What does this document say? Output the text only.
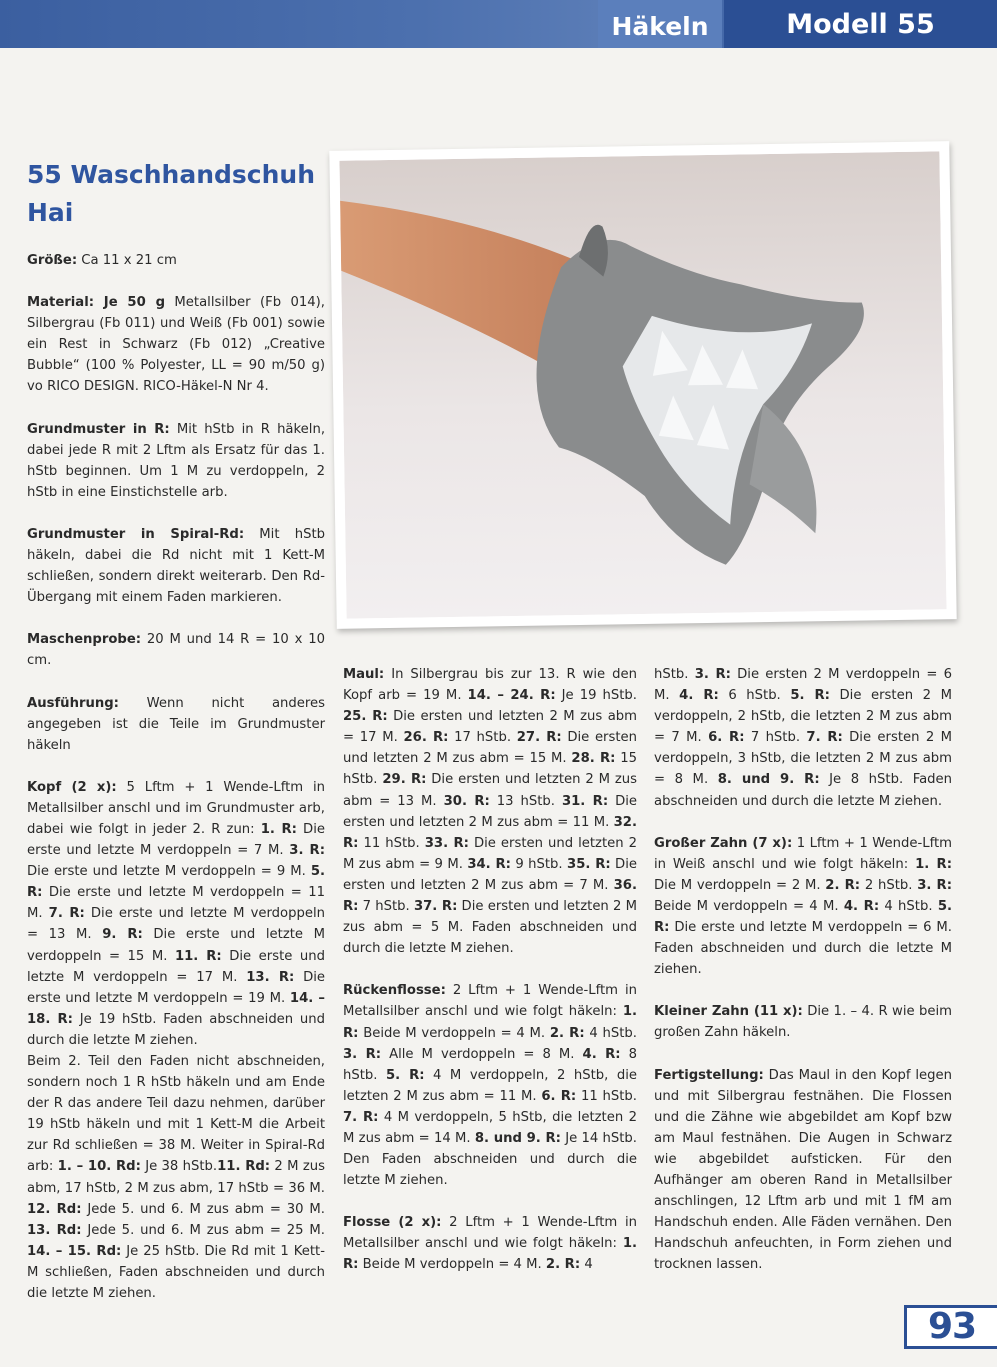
Häkeln	Modell 55
55 Waschhandschuh
Hai

Größe: Ca 11 x 21 cm

Material: Je 50 g Metallsilber (Fb 014), Silbergrau (Fb 011) und Weiß (Fb 001) sowie ein Rest in Schwarz (Fb 012) „Creative Bubble“ (100 % Polyester, LL = 90 m/50 g) vo RICO DESIGN. RICO-Häkel-N Nr 4.

Grundmuster in R: Mit hStb in R häkeln, dabei jede R mit 2 Lftm als Ersatz für das 1. hStb beginnen. Um 1 M zu verdoppeln, 2 hStb in eine Einstichstelle arb.

Grundmuster in Spiral-Rd: Mit hStb häkeln, dabei die Rd nicht mit 1 Kett-M schließen, sondern direkt weiterarb. Den Rd-Übergang mit einem Faden markieren.

Maschenprobe: 20 M und 14 R = 10 x 10 cm.

Ausführung: Wenn nicht anderes angegeben ist die Teile im Grundmuster häkeln

Kopf (2 x): 5 Lftm + 1 Wende-Lftm in Metallsilber anschl und im Grundmuster arb, dabei wie folgt in jeder 2. R zun: 1. R: Die erste und letzte M verdoppeln = 7 M. 3. R: Die erste und letzte M verdoppeln = 9 M. 5. R: Die erste und letzte M verdoppeln = 11 M. 7. R: Die erste und letzte M verdoppeln = 13 M. 9. R: Die erste und letzte M verdoppeln = 15 M. 11. R: Die erste und letzte M verdoppeln = 17 M. 13. R: Die erste und letzte M verdoppeln = 19 M. 14. – 18. R: Je 19 hStb. Faden abschneiden und durch die letzte M ziehen.

Beim 2. Teil den Faden nicht abschneiden, sondern noch 1 R hStb häkeln und am Ende der R das andere Teil dazu nehmen, darüber 19 hStb häkeln und mit 1 Kett-M die Arbeit zur Rd schließen = 38 M. Weiter in Spiral-Rd arb: 1. – 10. Rd: Je 38 hStb.11. Rd: 2 M zus abm, 17 hStb, 2 M zus abm, 17 hStb = 36 M. 12. Rd: Jede 5. und 6. M zus abm = 30 M. 13. Rd: Jede 5. und 6. M zus abm = 25 M. 14. – 15. Rd: Je 25 hStb. Die Rd mit 1 Kett-M schließen, Faden abschneiden und durch die letzte M ziehen.

Maul: In Silbergrau bis zur 13. R wie den Kopf arb = 19 M. 14. – 24. R: Je 19 hStb. 25. R: Die ersten und letzten 2 M zus abm = 17 M. 26. R: 17 hStb. 27. R: Die ersten und letzten 2 M zus abm = 15 M. 28. R: 15 hStb. 29. R: Die ersten und letzten 2 M zus abm = 13 M. 30. R: 13 hStb. 31. R: Die ersten und letzten 2 M zus abm = 11 M. 32. R: 11 hStb. 33. R: Die ersten und letzten 2 M zus abm = 9 M. 34. R: 9 hStb. 35. R: Die ersten und letzten 2 M zus abm = 7 M. 36. R: 7 hStb. 37. R: Die ersten und letzten 2 M zus abm = 5 M. Faden abschneiden und durch die letzte M ziehen.

Rückenflosse: 2 Lftm + 1 Wende-Lftm in Metallsilber anschl und wie folgt häkeln: 1. R: Beide M verdoppeln = 4 M. 2. R: 4 hStb. 3. R: Alle M verdoppeln = 8 M. 4. R: 8 hStb. 5. R: 4 M verdoppeln, 2 hStb, die letzten 2 M zus abm = 11 M. 6. R: 11 hStb. 7. R: 4 M verdoppeln, 5 hStb, die letzten 2 M zus abm = 14 M. 8. und 9. R: Je 14 hStb. Den Faden abschneiden und durch die letzte M ziehen.

Flosse (2 x): 2 Lftm + 1 Wende-Lftm in Metallsilber anschl und wie folgt häkeln: 1. R: Beide M verdoppeln = 4 M. 2. R: 4

hStb. 3. R: Die ersten 2 M verdoppeln = 6 M. 4. R: 6 hStb. 5. R: Die ersten 2 M verdoppeln, 2 hStb, die letzten 2 M zus abm = 7 M. 6. R: 7 hStb. 7. R: Die ersten 2 M verdoppeln, 3 hStb, die letzten 2 M zus abm = 8 M. 8. und 9. R: Je 8 hStb. Faden abschneiden und durch die letzte M ziehen.

Großer Zahn (7 x): 1 Lftm + 1 Wende-Lftm in Weiß anschl und wie folgt häkeln: 1. R: Die M verdoppeln = 2 M. 2. R: 2 hStb. 3. R: Beide M verdoppeln = 4 M. 4. R: 4 hStb. 5. R: Die erste und letzte M verdoppeln = 6 M. Faden abschneiden und durch die letzte M ziehen.

Kleiner Zahn (11 x): Die 1. – 4. R wie beim großen Zahn häkeln.

Fertigstellung: Das Maul in den Kopf legen und mit Silbergrau festnähen. Die Flossen und die Zähne wie abgebildet am Kopf bzw am Maul festnähen. Die Augen in Schwarz wie abgebildet aufsticken. Für den Aufhänger am oberen Rand in Metallsilber anschlingen, 12 Lftm arb und mit 1 fM am Handschuh enden. Alle Fäden vernähen. Den Handschuh anfeuchten, in Form ziehen und trocknen lassen.

93
